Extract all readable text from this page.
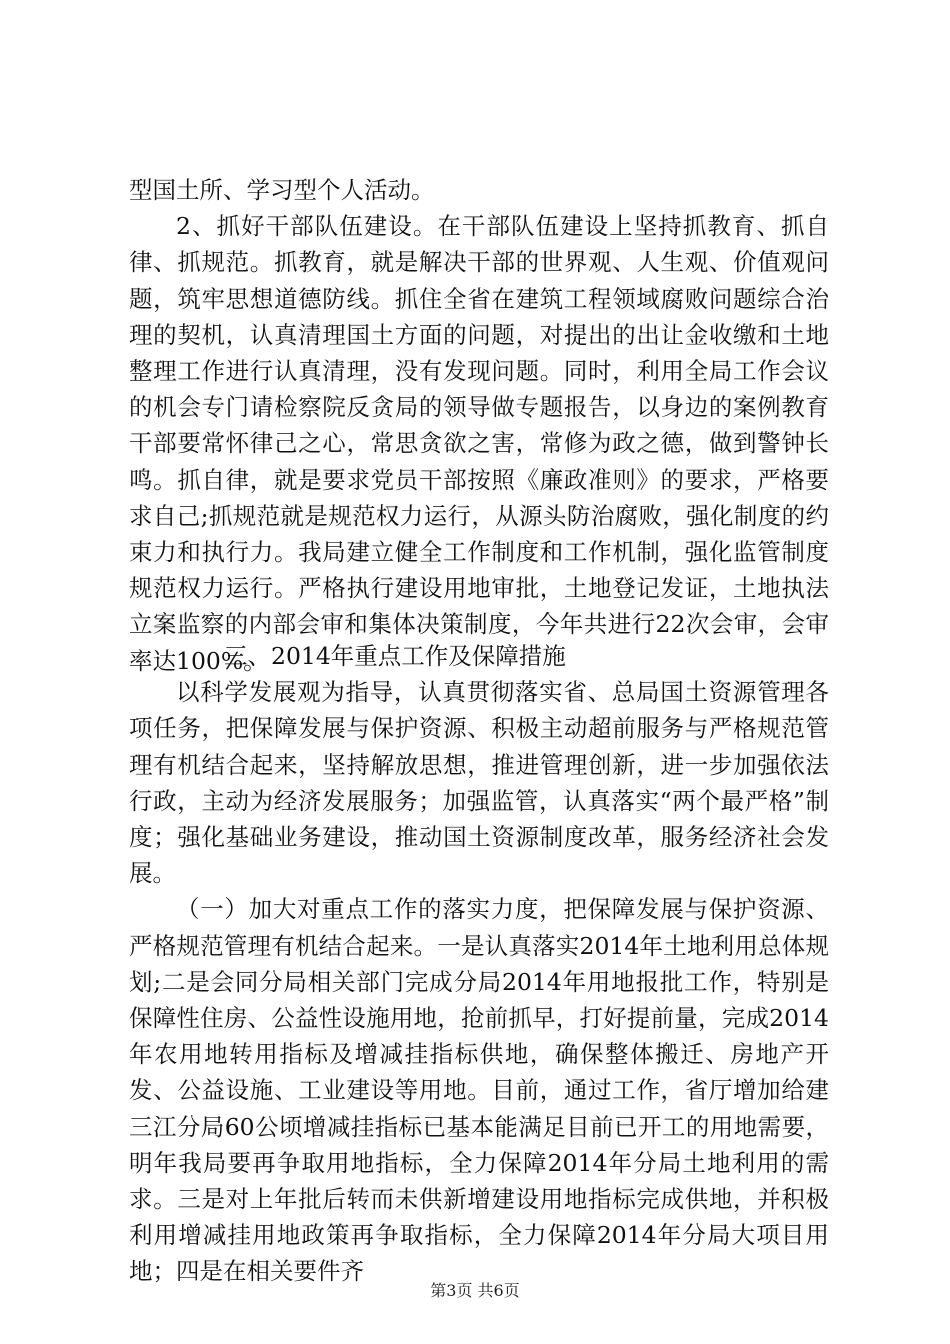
型国土所、学习型个人活动。

2、抓好干部队伍建设。在干部队伍建设上坚持抓教育、抓自律、抓规范。抓教育，就是解决干部的世界观、人生观、价值观问题，筑牢思想道德防线。抓住全省在建筑工程领域腐败问题综合治理的契机，认真清理国土方面的问题，对提出的出让金收缴和土地整理工作进行认真清理，没有发现问题。同时，利用全局工作会议的机会专门请检察院反贪局的领导做专题报告，以身边的案例教育干部要常怀律己之心，常思贪欲之害，常修为政之德，做到警钟长鸣。抓自律，就是要求党员干部按照《廉政准则》的要求，严格要求自己;抓规范就是规范权力运行，从源头防治腐败，强化制度的约束力和执行力。我局建立健全工作制度和工作机制，强化监管制度规范权力运行。严格执行建设用地审批，土地登记发证，土地执法立案监察的内部会审和集体决策制度，今年共进行22次会审，会审率达100%。

三、2014年重点工作及保障措施

以科学发展观为指导，认真贯彻落实省、总局国土资源管理各项任务，把保障发展与保护资源、积极主动超前服务与严格规范管理有机结合起来，坚持解放思想，推进管理创新，进一步加强依法行政，主动为经济发展服务；加强监管，认真落实“两个最严格”制度；强化基础业务建设，推动国土资源制度改革，服务经济社会发展。

（一）加大对重点工作的落实力度，把保障发展与保护资源、严格规范管理有机结合起来。一是认真落实2014年土地利用总体规划;二是会同分局相关部门完成分局2014年用地报批工作，特别是保障性住房、公益性设施用地，抢前抓早，打好提前量，完成2014年农用地转用指标及增减挂指标供地，确保整体搬迁、房地产开发、公益设施、工业建设等用地。目前，通过工作，省厅增加给建三江分局60公顷增减挂指标已基本能满足目前已开工的用地需要，明年我局要再争取用地指标，全力保障2014年分局土地利用的需求。三是对上年批后转而未供新增建设用地指标完成供地，并积极利用增减挂用地政策再争取指标，全力保障2014年分局大项目用地；四是在相关要件齐

第3页 共6页
